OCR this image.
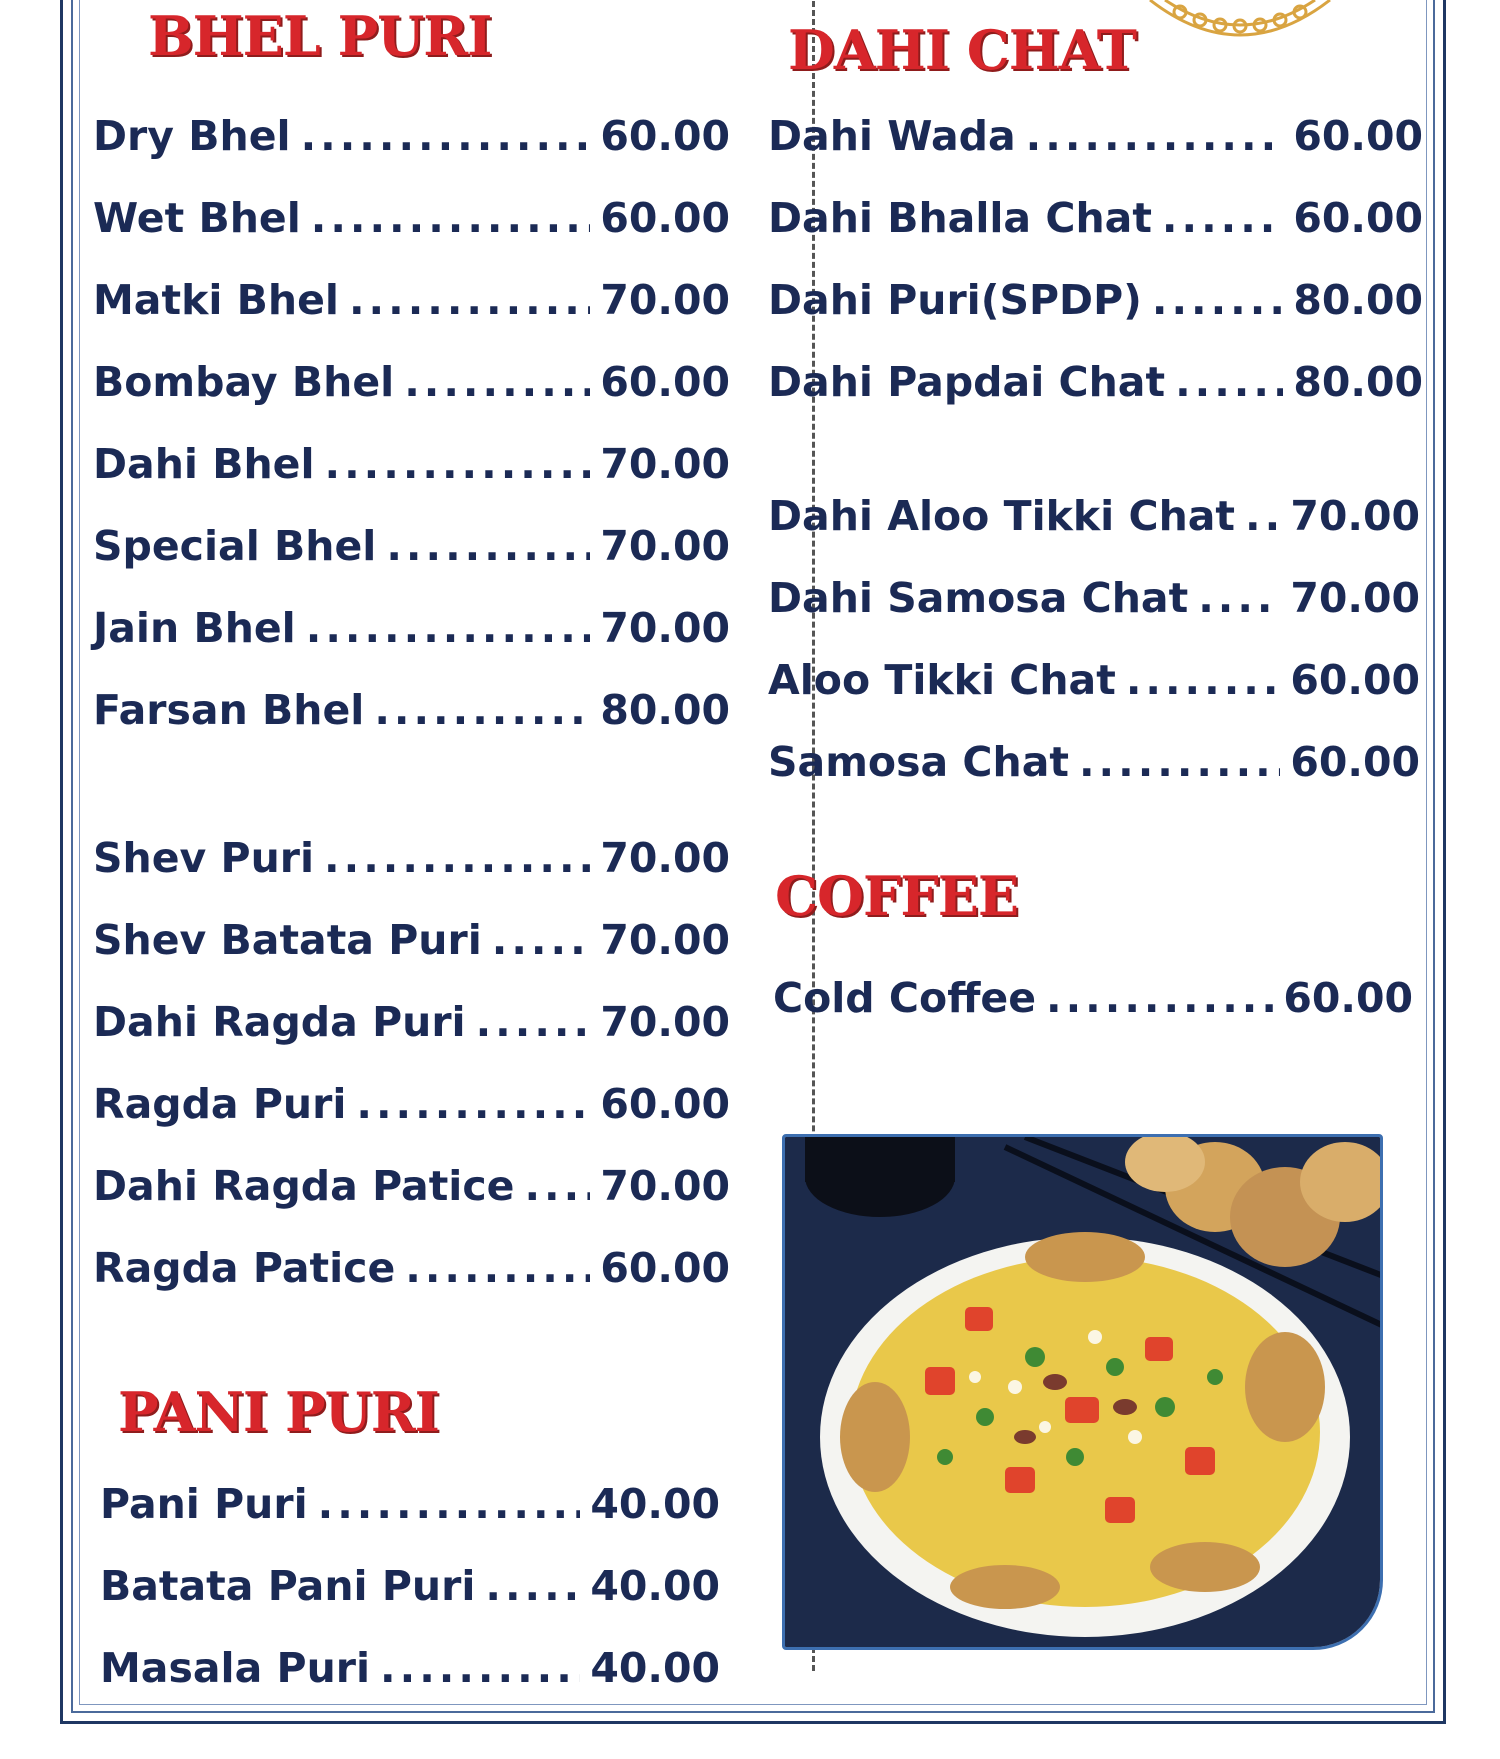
BHEL PURI
Dry Bhel .....	60.00
Wet Bhel .....	60.00
Matki Bhel .....	70.00
Bombay Bhel .....	60.00
Dahi Bhel .....	70.00
Special Bhel .....	70.00
Jain Bhel .....	70.00
Farsan Bhel .....	80.00
Shev Puri .....	70.00
Shev Batata Puri .....	70.00
Dahi Ragda Puri .....	70.00
Ragda Puri .....	60.00
Dahi Ragda Patice ..... 70.00
Ragda Patice .....	60.00
PANI PURI
Pani Puri .....	40.00
Batata Pani Puri .....	40.00
Masala Puri .....	40.00
DAHI CHAT
Dahi Wada .....	60.00
Dahi Bhalla Chat .....	60.00
Dahi Puri(SPDP) .....	80.00
Dahi Papdai Chat .....	80.00
Dahi Aloo Tikki Chat ..... 70.00
Dahi Samosa Chat ..... 70.00
Aloo Tikki Chat .....	60.00
Samosa Chat .....	60.00
COFFEE
Cold Coffee .....	60.00
